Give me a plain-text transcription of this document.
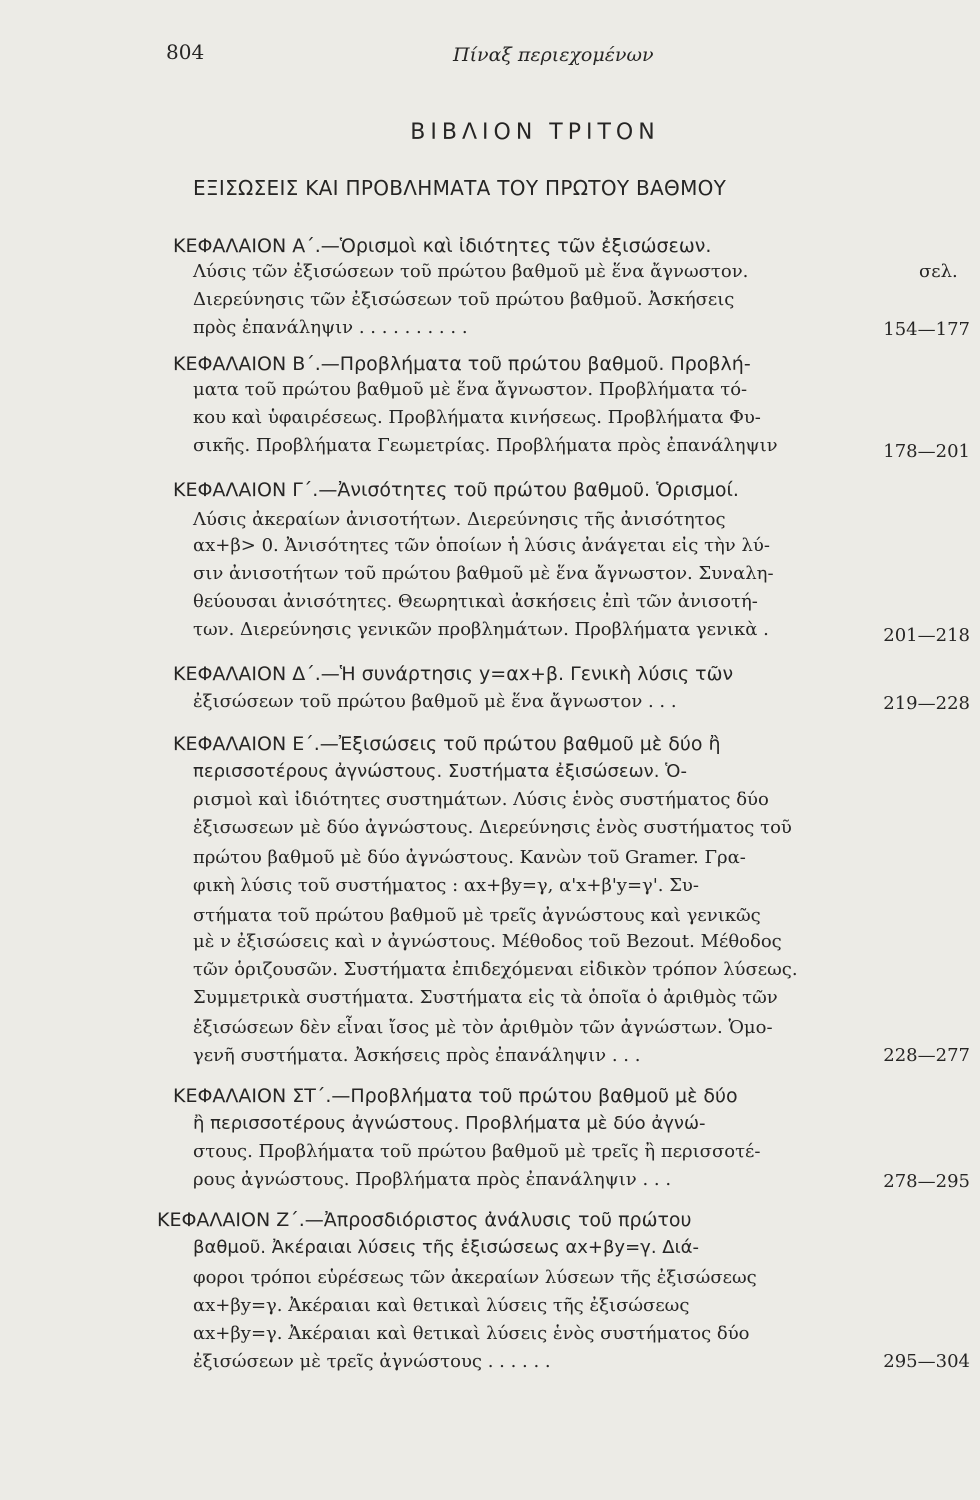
804	Πίναξ περιεχομένων
ΒΙΒΛΙΟΝ ΤΡΙΤΟΝ
ΕΞΙΣΩΣΕΙΣ ΚΑΙ ΠΡΟΒΛΗΜΑΤΑ ΤΟΥ ΠΡΩΤΟΥ ΒΑΘΜΟΥ
σελ.
ΚΕΦΑΛΑΙΟΝ Α΄.—Ὁρισμοὶ καὶ ἰδιότητες τῶν ἐξισώσεων.
Λύσις τῶν ἐξισώσεων τοῦ πρώτου βαθμοῦ μὲ ἕνα ἄγνωστον.
Διερεύνησις τῶν ἐξισώσεων τοῦ πρώτου βαθμοῦ. Ἀσκήσεις
πρὸς ἐπανάληψιν . . . . . . . . . .	154—177
ΚΕΦΑΛΑΙΟΝ Β΄.—Προβλήματα τοῦ πρώτου βαθμοῦ. Προβλή-
ματα τοῦ πρώτου βαθμοῦ μὲ ἕνα ἄγνωστον. Προβλήματα τό-
κου καὶ ὑφαιρέσεως. Προβλήματα κινήσεως. Προβλήματα Φυ-
σικῆς. Προβλήματα Γεωμετρίας. Προβλήματα πρὸς ἐπανάληψιν	178—201
ΚΕΦΑΛΑΙΟΝ Γ΄.—Ἀνισότητες τοῦ πρώτου βαθμοῦ. Ὁρισμοί.
Λύσις ἀκεραίων ἀνισοτήτων. Διερεύνησις τῆς ἀνισότητος
αx+β> 0. Ἀνισότητες τῶν ὁποίων ἡ λύσις ἀνάγεται εἰς τὴν λύ-
σιν ἀνισοτήτων τοῦ πρώτου βαθμοῦ μὲ ἕνα ἄγνωστον. Συναλη-
θεύουσαι ἀνισότητες. Θεωρητικαὶ ἀσκήσεις ἐπὶ τῶν ἀνισοτή-
των. Διερεύνησις γενικῶν προβλημάτων. Προβλήματα γενικὰ .	201—218
ΚΕΦΑΛΑΙΟΝ Δ΄.—Ἡ συνάρτησις y=αx+β. Γενικὴ λύσις τῶν
ἐξισώσεων τοῦ πρώτου βαθμοῦ μὲ ἕνα ἄγνωστον . . .	219—228
ΚΕΦΑΛΑΙΟΝ Ε΄.—Ἐξισώσεις τοῦ πρώτου βαθμοῦ μὲ δύο ἢ
περισσοτέρους ἀγνώστους. Συστήματα ἐξισώσεων. Ὁ-
ρισμοὶ καὶ ἰδιότητες συστημάτων. Λύσις ἑνὸς συστήματος δύο
ἐξισωσεων μὲ δύο ἀγνώστους. Διερεύνησις ἑνὸς συστήματος τοῦ
πρώτου βαθμοῦ μὲ δύο ἀγνώστους. Κανὼν τοῦ Gramer. Γρα-
φικὴ λύσις τοῦ συστήματος : αx+βy=γ, α'x+β'y=γ'. Συ-
στήματα τοῦ πρώτου βαθμοῦ μὲ τρεῖς ἀγνώστους καὶ γενικῶς
μὲ ν ἐξισώσεις καὶ ν ἀγνώστους. Μέθοδος τοῦ Bezout. Μέθοδος
τῶν ὁριζουσῶν. Συστήματα ἐπιδεχόμεναι εἰδικὸν τρόπον λύσεως.
Συμμετρικὰ συστήματα. Συστήματα εἰς τὰ ὁποῖα ὁ ἀριθμὸς τῶν
ἐξισώσεων δὲν εἶναι ἴσος μὲ τὸν ἀριθμὸν τῶν ἀγνώστων. Ὁμο-
γενῆ συστήματα. Ἀσκήσεις πρὸς ἐπανάληψιν . . .	228—277
ΚΕΦΑΛΑΙΟΝ ΣΤ΄.—Προβλήματα τοῦ πρώτου βαθμοῦ μὲ δύο
ἢ περισσοτέρους ἀγνώστους. Προβλήματα μὲ δύο ἀγνώ-
στους. Προβλήματα τοῦ πρώτου βαθμοῦ μὲ τρεῖς ἢ περισσοτέ-
ρους ἀγνώστους. Προβλήματα πρὸς ἐπανάληψιν . . .	278—295
ΚΕΦΑΛΑΙΟΝ Ζ΄.—Ἀπροσδιόριστος ἀνάλυσις τοῦ πρώτου
βαθμοῦ. Ἀκέραιαι λύσεις τῆς ἐξισώσεως αx+βy=γ. Διά-
φοροι τρόποι εὑρέσεως τῶν ἀκεραίων λύσεων τῆς ἐξισώσεως
αx+βy=γ. Ἀκέραιαι καὶ θετικαὶ λύσεις τῆς ἐξισώσεως
αx+βy=γ. Ἀκέραιαι καὶ θετικαὶ λύσεις ἑνὸς συστήματος δύο
ἐξισώσεων μὲ τρεῖς ἀγνώστους . . . . . .	295—304
